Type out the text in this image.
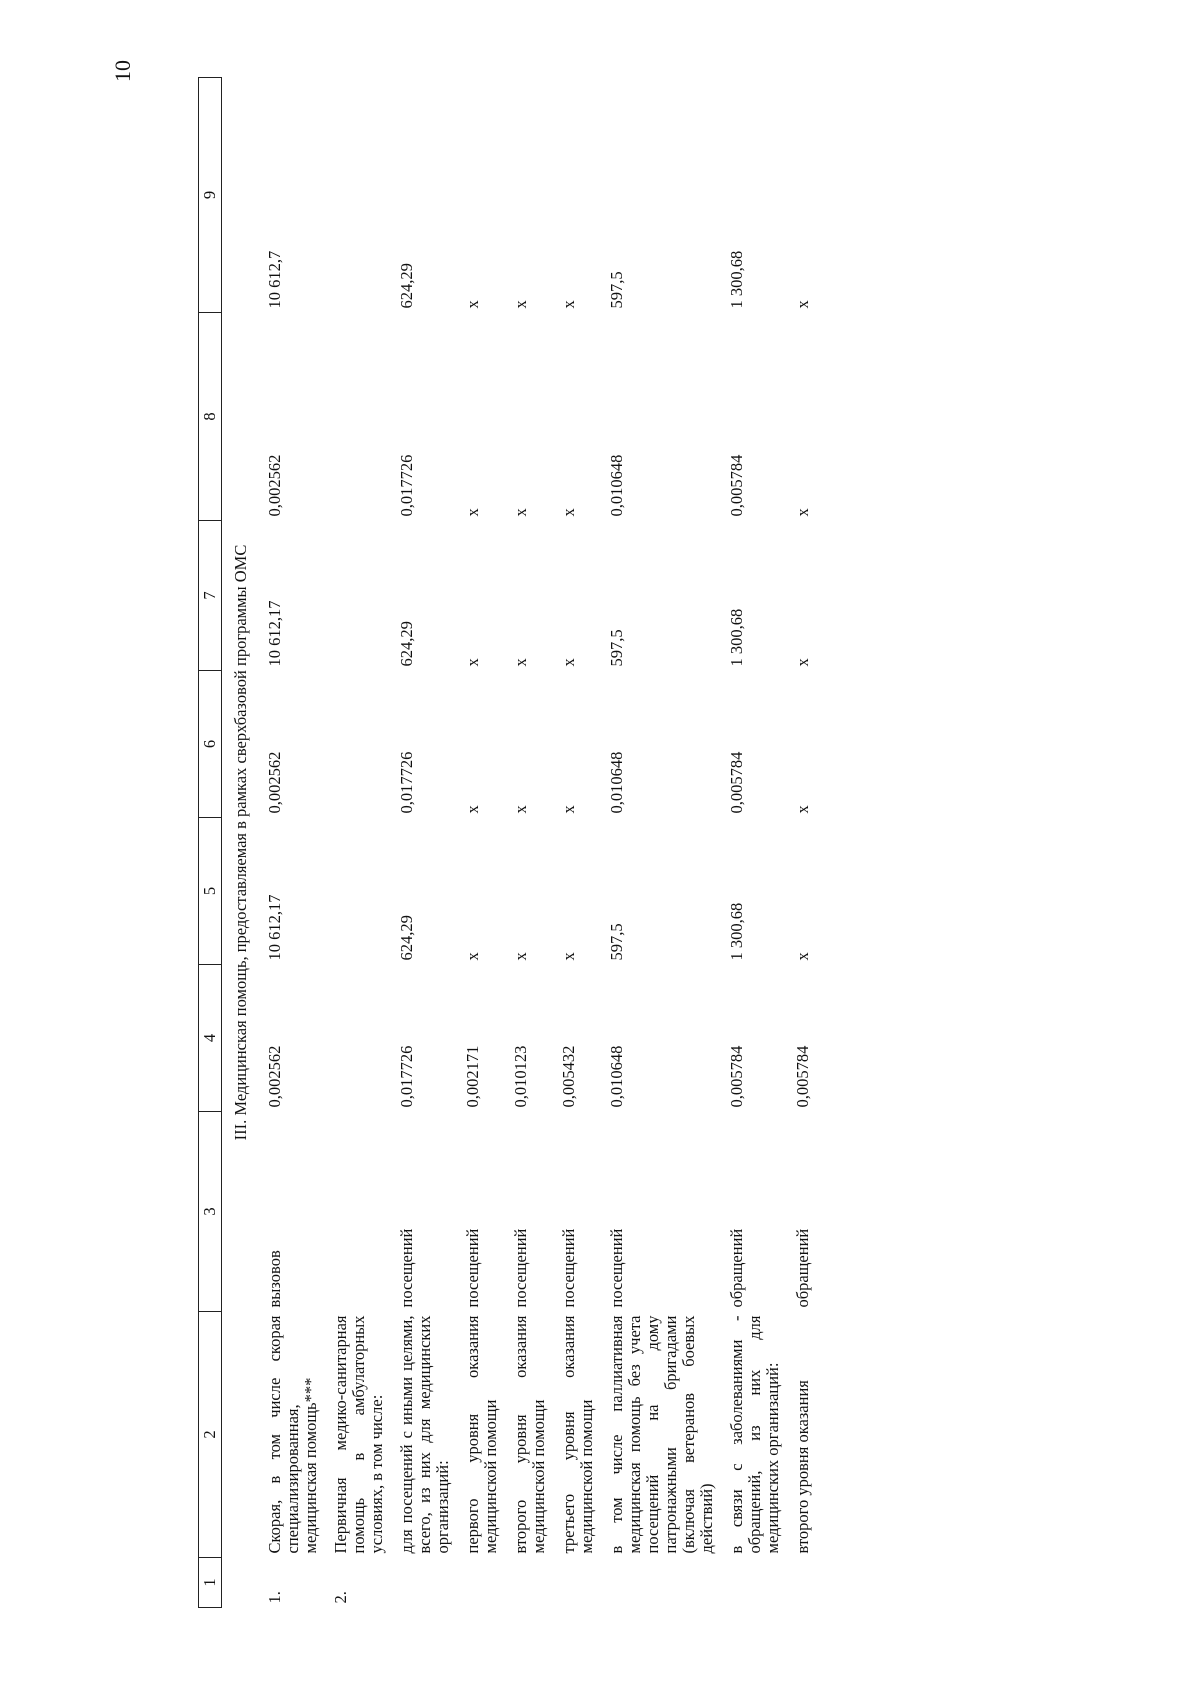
10
1	2	3	4	5	6	7	8	9
III. Медицинская помощь, предоставляемая в рамках сверхбазовой программы ОМС								
1.	Скорая, в том числе скорая специализированная, медицинская помощь***	вызовов	0,002562	10 612,17	0,002562	10 612,17	0,002562	10 612,7
2.	Первичная медико-санитарная помощь в амбулаторных условиях, в том числе:							
	для посещений с иными целями, всего, из них для медицинских организаций:	посещений	0,017726	624,29	0,017726	624,29	0,017726	624,29
	первого уровня оказания медицинской помощи	посещений	0,002171	х	х	х	х	х
	второго уровня оказания медицинской помощи	посещений	0,010123	х	х	х	х	х
	третьего уровня оказания медицинской помощи	посещений	0,005432	х	х	х	х	х
	в том числе паллиативная медицинская помощь без учета посещений на дому патронажными бригадами (включая ветеранов боевых действий)	посещений	0,010648	597,5	0,010648	597,5	0,010648	597,5
	в связи с заболеваниями - обращений, из них для медицинских организаций:	обращений	0,005784	1 300,68	0,005784	1 300,68	0,005784	1 300,68
	второго уровня оказания	обращений	0,005784	х	х	х	х	х
